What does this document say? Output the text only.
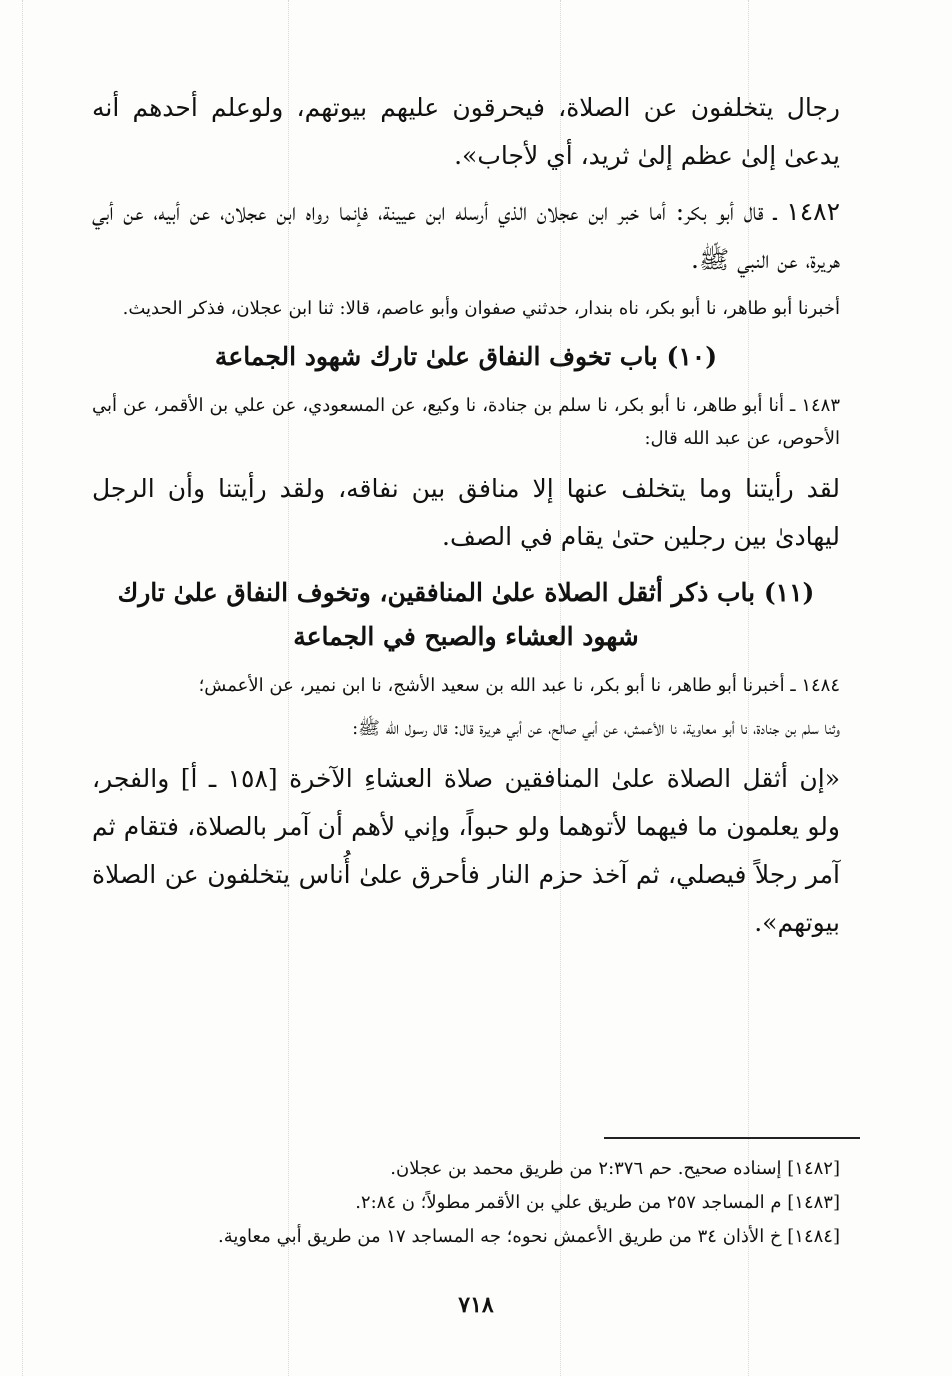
رجال يتخلفون عن الصلاة، فيحرقون عليهم بيوتهم، ولوعلم أحدهم أنه يدعىٰ إلىٰ عظم إلىٰ ثريد، أي لأجاب».

١٤٨٢ ـ قال أبو بكر: أما خبر ابن عجلان الذي أرسله ابن عيينة، فإنما رواه ابن عجلان، عن أبيه، عن أبي هريرة، عن النبي ﷺ.

أخبرنا أبو طاهر، نا أبو بكر، ناه بندار، حدثني صفوان وأبو عاصم، قالا: ثنا ابن عجلان، فذكر الحديث.

(١٠) باب تخوف النفاق علىٰ تارك شهود الجماعة

١٤٨٣ ـ أنا أبو طاهر، نا أبو بكر، نا سلم بن جنادة، نا وكيع، عن المسعودي، عن علي بن الأقمر، عن أبي الأحوص، عن عبد الله قال:

لقد رأيتنا وما يتخلف عنها إلا منافق بين نفاقه، ولقد رأيتنا وأن الرجل ليهادىٰ بين رجلين حتىٰ يقام في الصف.

(١١) باب ذكر أثقل الصلاة علىٰ المنافقين، وتخوف النفاق علىٰ تارك شهود العشاء والصبح في الجماعة

١٤٨٤ ـ أخبرنا أبو طاهر، نا أبو بكر، نا عبد الله بن سعيد الأشج، نا ابن نمير، عن الأعمش؛

وثنا سلم بن جنادة، نا أبو معاوية، نا الأعمش، عن أبي صالح، عن أبي هريرة قال: قال رسول الله ﷺ:

«إن أثقل الصلاة علىٰ المنافقين صلاة العشاءِ الآخرة [١٥٨ ـ أ] والفجر، ولو يعلمون ما فيهما لأتوهما ولو حبواً، وإني لأهم أن آمر بالصلاة، فتقام ثم آمر رجلاً فيصلي، ثم آخذ حزم النار فأحرق علىٰ أُناس يتخلفون عن الصلاة بيوتهم».

[١٤٨٢] إسناده صحيح. حم ٢:٣٧٦ من طريق محمد بن عجلان.
[١٤٨٣] م المساجد ٢٥٧ من طريق علي بن الأقمر مطولاً؛ ن ٢:٨٤.
[١٤٨٤] خ الأذان ٣٤ من طريق الأعمش نحوه؛ جه المساجد ١٧ من طريق أبي معاوية.
٧١٨
